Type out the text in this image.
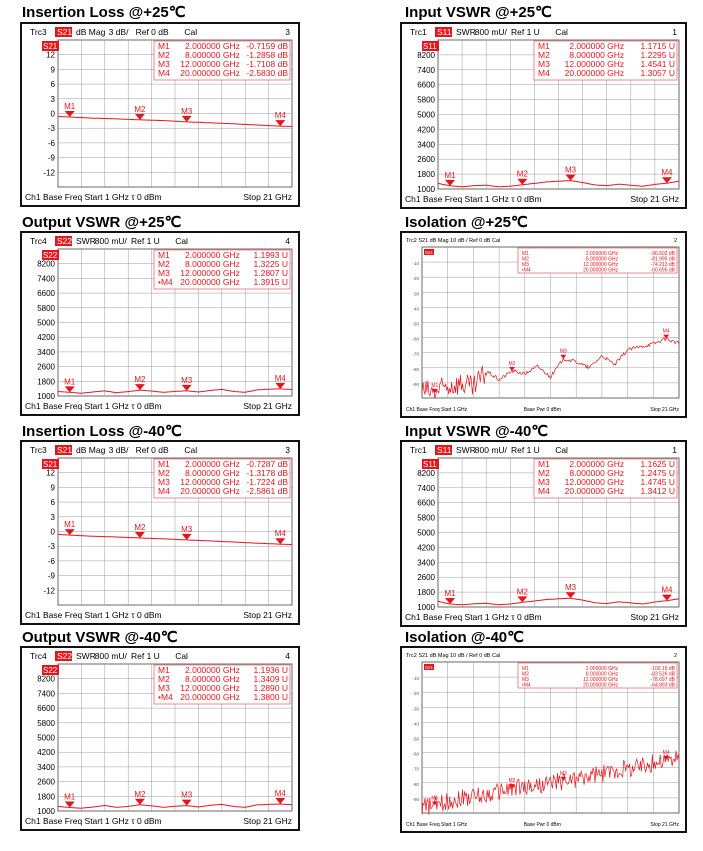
Insertion Loss @+25℃	Input VSWR @+25℃
Output VSWR @+25℃	Isolation @+25℃
Insertion Loss @-40℃	Input VSWR @-40℃
Output VSWR @-40℃	Isolation @-40℃
Trc3 S21 dB Mag 3 dB/ Ref 0 dB Cal	3
12
9
6
3
0
-3
-6
-9
-12
S21
M1	M2	M3	M4
M1 2.000000 GHz -0.7159 dB
M2 8.000000 GHz -1.2858 dB
M3 12.000000 GHz -1.7108 dB
M4 20.000000 GHz -2.5830 dB
Ch1 Base Freq Start 1 GHz τ 0 dBm	Stop 21 GHz
Trc1 S11 SWR
800 mU/ Ref 1 U Cal	1
8200
7400
6600
5800
5000
4200
3400
2600
1800
1000
S11
M1	M2	M3	M4
M1 2.000000 GHz 1.1715 U
M2 8.000000 GHz 1.2295 U
M3 12.000000 GHz 1.4541 U
M4 20.000000 GHz 1.3057 U
Ch1 Base Freq Start 1 GHz τ 0 dBm	Stop 21 GHz
Trc4 S22 SWR
800 mU/ Ref 1 U Cal	4
8200
7400
6600
5800
5000
4200
3400
2600
1800
1000
S22
M1	M2	M3	M4
M1 2.000000 GHz 1.1993 U
M2 8.000000 GHz 1.3225 U
M3 12.000000 GHz 1.2807 U
•M4 20.000000 GHz 1.3915 U
Ch1 Base Freq Start 1 GHz τ 0 dBm	Stop 21 GHz
Trc2 S21 dB Mag 10 dB / Ref 0 dB Cal	2
-10
-20
-30
-40
-50
-60
-70
-80
-90
S21
M1
M2
M3
M4
M1	2.000000 GHz	-96.602 dB
M2	8.000000 GHz	-81.995 dB
M3	12.000000 GHz	-74.213 dB
•M4	20.000000 GHz	-60.695 dB
Ch1 Base Freq Start 1 GHz	Base Pwr 0 dBm	Stop 21 GHz
Trc3 S21 dB Mag 3 dB/ Ref 0 dB Cal	3
12
9
6
3
0
-3
-6
-9
-12
S21
M1	M2	M3	M4
M1 2.000000 GHz -0.7287 dB
M2 8.000000 GHz -1.3178 dB
M3 12.000000 GHz -1.7224 dB
M4 20.000000 GHz -2.5861 dB
Ch1 Base Freq Start 1 GHz τ 0 dBm	Stop 21 GHz
Trc1 S11 SWR
800 mU/ Ref 1 U Cal	1
8200
7400
6600
5800
5000
4200
3400
2600
1800
1000
S11
M1	M2	M3	M4
M1 2.000000 GHz 1.1625 U
M2 8.000000 GHz 1.2475 U
M3 12.000000 GHz 1.4745 U
M4 20.000000 GHz 1.3412 U
Ch1 Base Freq Start 1 GHz τ 0 dBm	Stop 21 GHz
Trc4 S22 SWR
800 mU/ Ref 1 U Cal	4
8200
7400
6600
5800
5000
4200
3400
2600
1800
1000
S22
M1	M2	M3	M4
M1 2.000000 GHz 1.1936 U
M2 8.000000 GHz 1.3409 U
M3 12.000000 GHz 1.2890 U
•M4 20.000000 GHz 1.3800 U
Ch1 Base Freq Start 1 GHz τ 0 dBm	Stop 21 GHz
Trc2 S21 dB Mag 10 dB / Ref 0 dB Cal	2
-10
-20
-30
-40
-50
-60
-70
-80
-90
S21
M1
M2
M3
M4
M1	2.000000 GHz	-100.15 dB
M2	8.000000 GHz	-83.526 dB
M3	12.000000 GHz	-78.697 dB
•M4	20.000000 GHz	-64.893 dB
Ch1 Base Freq Start 1 GHz	Base Pwr 0 dBm	Stop 21 GHz
